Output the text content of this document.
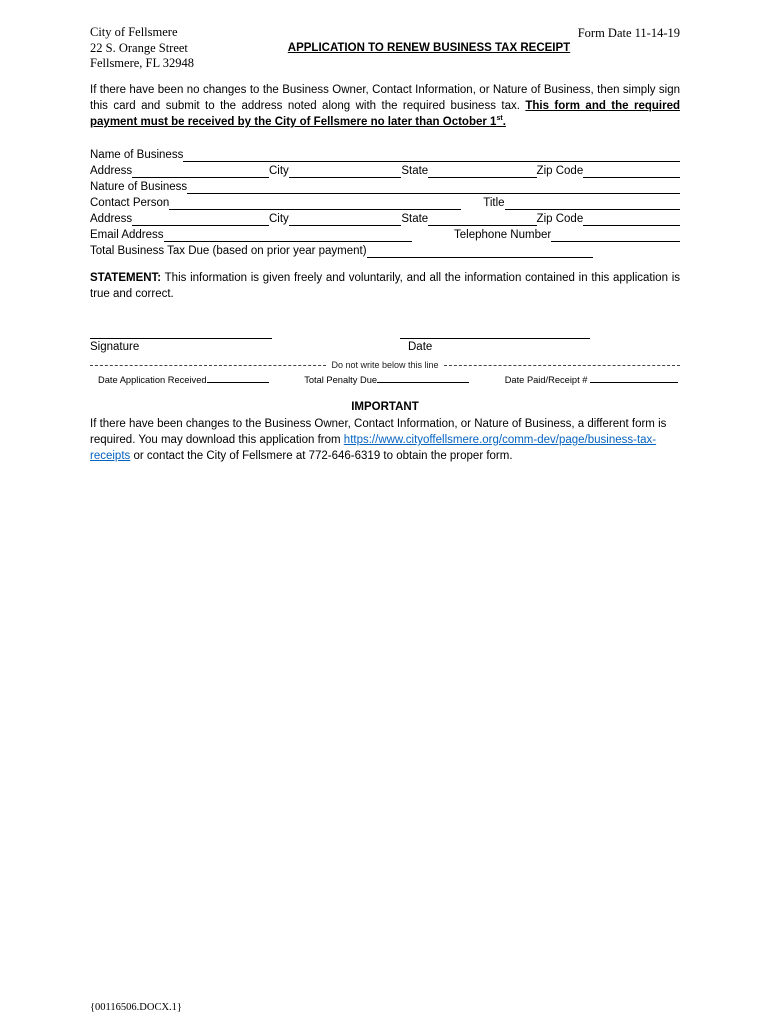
City of Fellsmere
22 S. Orange Street
Fellsmere, FL 32948
Form Date 11-14-19
APPLICATION TO RENEW BUSINESS TAX RECEIPT
If there have been no changes to the Business Owner, Contact Information, or Nature of Business, then simply sign this card and submit to the address noted along with the required business tax. This form and the required payment must be received by the City of Fellsmere no later than October 1st.
Name of Business
Address	City	State	Zip Code
Nature of Business
Contact Person	Title
Address	City	State	Zip Code
Email Address	Telephone Number
Total Business Tax Due (based on prior year payment)
STATEMENT: This information is given freely and voluntarily, and all the information contained in this application is true and correct.
Signature	Date
Do not write below this line
Date Application Received	Total Penalty Due	Date Paid/Receipt #
IMPORTANT
If there have been changes to the Business Owner, Contact Information, or Nature of Business, a different form is required. You may download this application from https://www.cityoffellsmere.org/comm-dev/page/business-tax-receipts or contact the City of Fellsmere at 772-646-6319 to obtain the proper form.
{00116506.DOCX.1}
